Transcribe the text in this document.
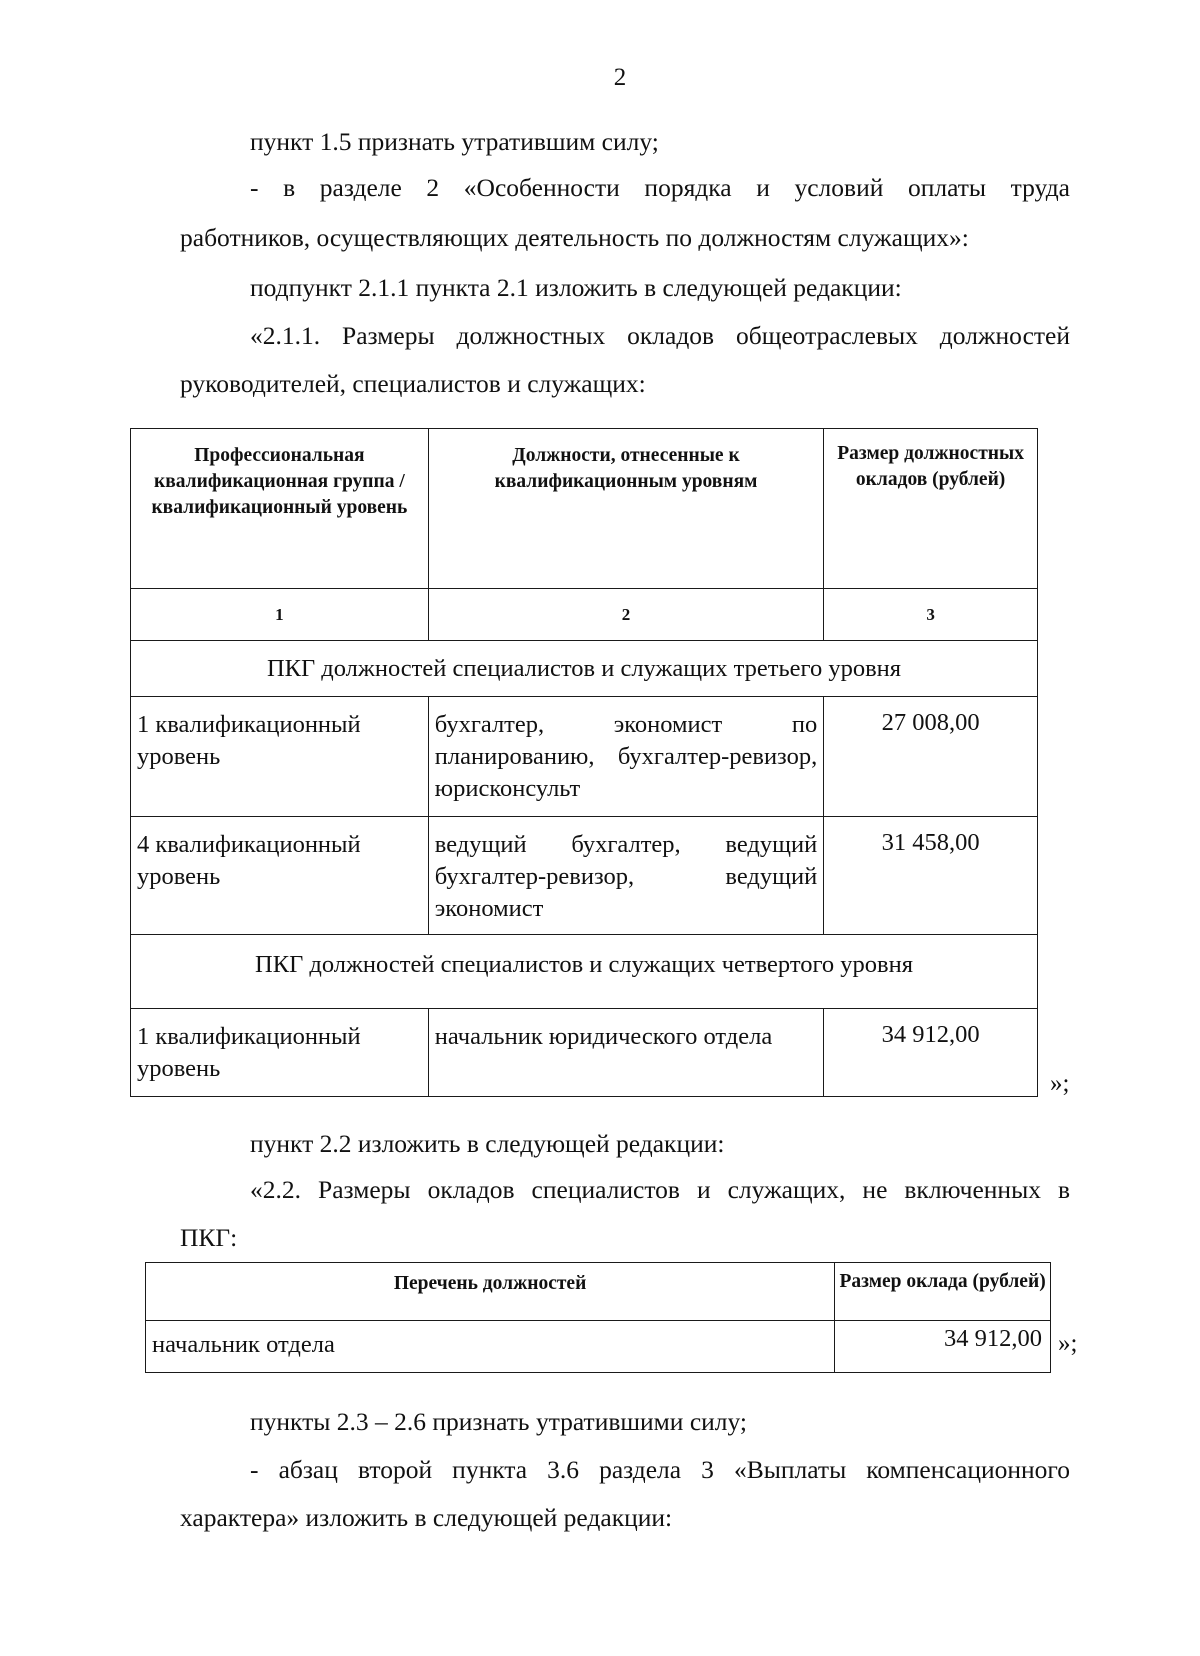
2
пункт 1.5 признать утратившим силу;
- в разделе 2 «Особенности порядка и условий оплаты труда
работников, осуществляющих деятельность по должностям служащих»:
подпункт 2.1.1 пункта 2.1 изложить в следующей редакции:
«2.1.1. Размеры должностных окладов общеотраслевых должностей
руководителей, специалистов и служащих:
Профессиональная квалификационная группа / квалификационный уровень	Должности, отнесенные к квалификационным уровням	Размер должностных окладов (рублей)
1	2	3
ПКГ должностей специалистов и служащих третьего уровня		
1 квалификационный уровень	бухгалтер, экономист по планированию, бухгалтер-ревизор, юрисконсульт	27 008,00
4 квалификационный уровень	ведущий бухгалтер, ведущий бухгалтер-ревизор, ведущий экономист	31 458,00
ПКГ должностей специалистов и служащих четвертого уровня		
1 квалификационный уровень	начальник юридического отдела	34 912,00
»;
пункт 2.2 изложить в следующей редакции:
«2.2. Размеры окладов специалистов и служащих, не включенных в
ПКГ:
Перечень должностей	Размер оклада (рублей)
начальник отдела	34 912,00 »;
пункты 2.3 – 2.6 признать утратившими силу;
- абзац второй пункта 3.6 раздела 3 «Выплаты компенсационного
характера» изложить в следующей редакции:
